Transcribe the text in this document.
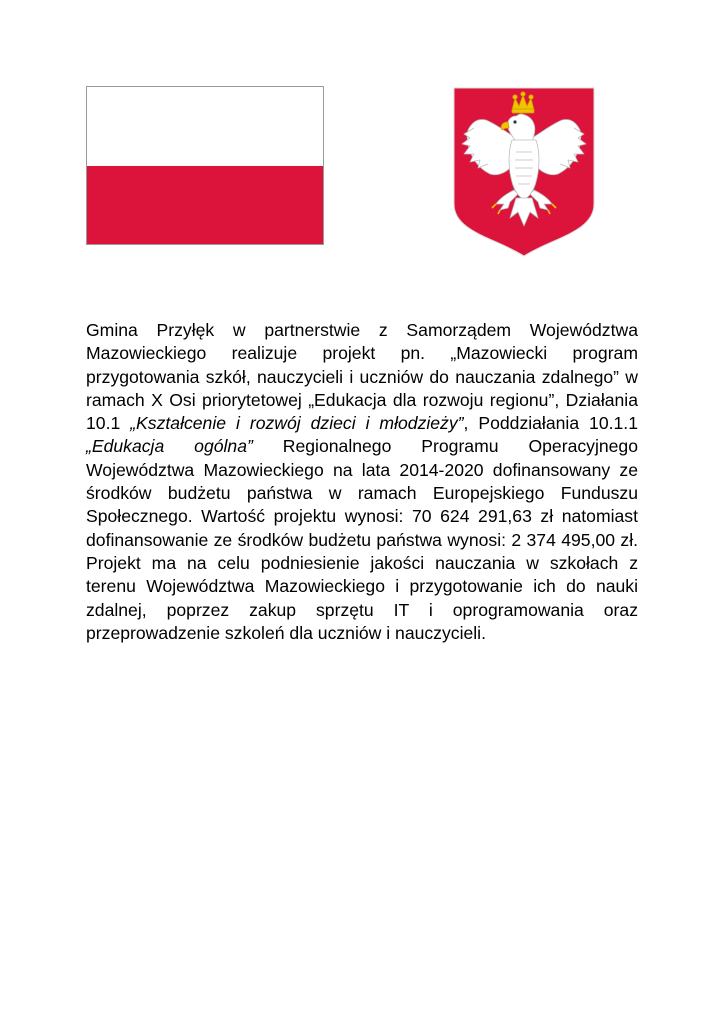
Gmina Przyłęk w partnerstwie z Samorządem Województwa Mazowieckiego realizuje projekt pn. „Mazowiecki program przygotowania szkół, nauczycieli i uczniów do nauczania zdalnego” w ramach X Osi priorytetowej „Edukacja dla rozwoju regionu”, Działania 10.1 „Kształcenie i rozwój dzieci i młodzieży”, Poddziałania 10.1.1 „Edukacja ogólna” Regionalnego Programu Operacyjnego Województwa Mazowieckiego na lata 2014-2020 dofinansowany ze środków budżetu państwa w ramach Europejskiego Funduszu Społecznego. Wartość projektu wynosi: 70 624 291,63 zł natomiast dofinansowanie ze środków budżetu państwa wynosi: 2 374 495,00 zł. Projekt ma na celu podniesienie jakości nauczania w szkołach z terenu Województwa Mazowieckiego i przygotowanie ich do nauki zdalnej, poprzez zakup sprzętu IT i oprogramowania oraz przeprowadzenie szkoleń dla uczniów i nauczycieli.
